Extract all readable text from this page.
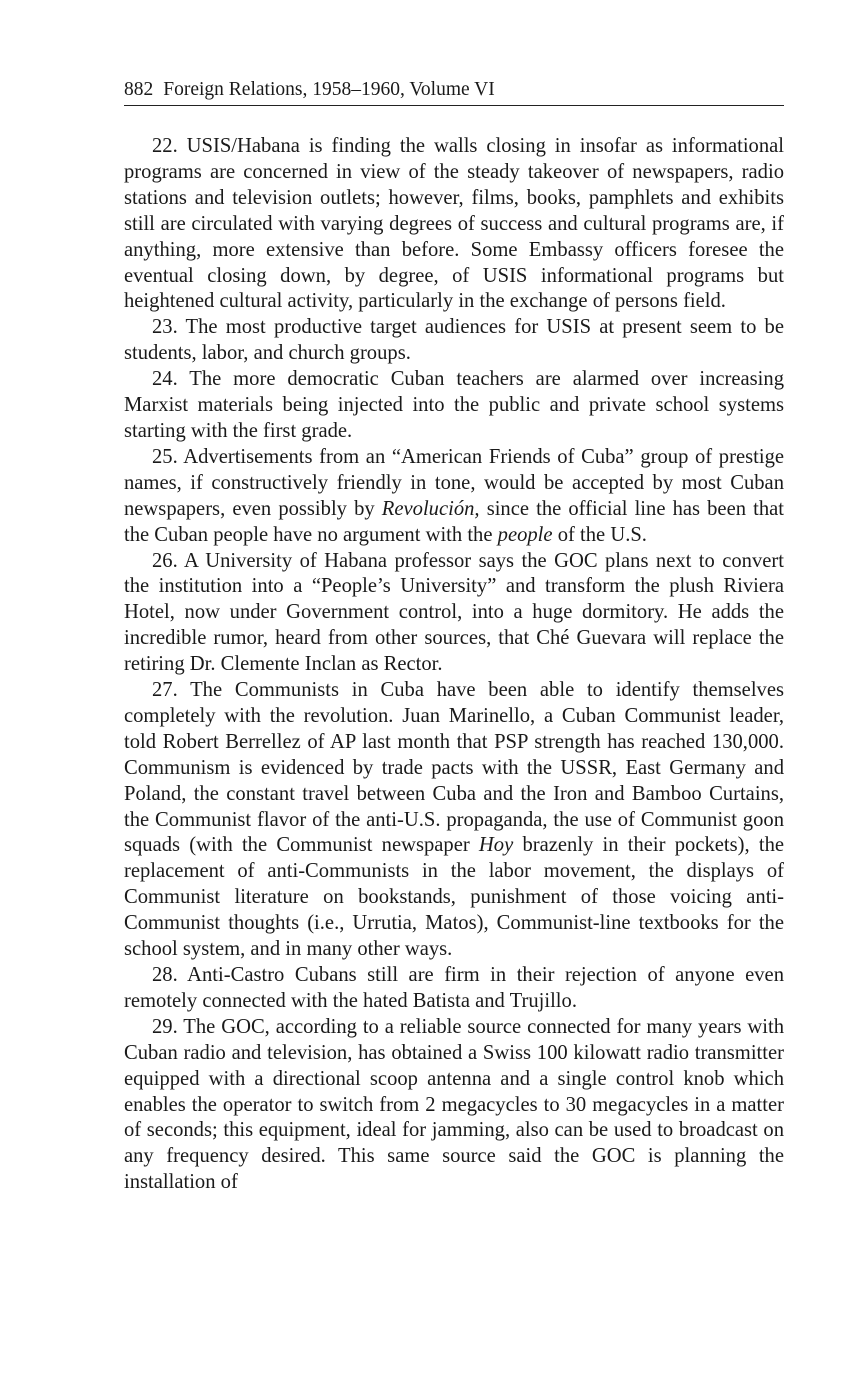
882 Foreign Relations, 1958–1960, Volume VI

22. USIS/Habana is finding the walls closing in insofar as informational programs are concerned in view of the steady takeover of newspapers, radio stations and television outlets; however, films, books, pamphlets and exhibits still are circulated with varying degrees of success and cultural programs are, if anything, more extensive than before. Some Embassy officers foresee the eventual closing down, by degree, of USIS informational programs but heightened cultural activity, particularly in the exchange of persons field.

23. The most productive target audiences for USIS at present seem to be students, labor, and church groups.

24. The more democratic Cuban teachers are alarmed over increasing Marxist materials being injected into the public and private school systems starting with the first grade.

25. Advertisements from an “American Friends of Cuba” group of prestige names, if constructively friendly in tone, would be accepted by most Cuban newspapers, even possibly by Revolución, since the official line has been that the Cuban people have no argument with the people of the U.S.

26. A University of Habana professor says the GOC plans next to convert the institution into a “People’s University” and transform the plush Riviera Hotel, now under Government control, into a huge dormitory. He adds the incredible rumor, heard from other sources, that Ché Guevara will replace the retiring Dr. Clemente Inclan as Rector.

27. The Communists in Cuba have been able to identify themselves completely with the revolution. Juan Marinello, a Cuban Communist leader, told Robert Berrellez of AP last month that PSP strength has reached 130,000. Communism is evidenced by trade pacts with the USSR, East Germany and Poland, the constant travel between Cuba and the Iron and Bamboo Curtains, the Communist flavor of the anti-U.S. propaganda, the use of Communist goon squads (with the Communist newspaper Hoy brazenly in their pockets), the replacement of anti-Communists in the labor movement, the displays of Communist literature on bookstands, punishment of those voicing anti-Communist thoughts (i.e., Urrutia, Matos), Communist-line textbooks for the school system, and in many other ways.

28. Anti-Castro Cubans still are firm in their rejection of anyone even remotely connected with the hated Batista and Trujillo.

29. The GOC, according to a reliable source connected for many years with Cuban radio and television, has obtained a Swiss 100 kilowatt radio transmitter equipped with a directional scoop antenna and a single control knob which enables the operator to switch from 2 megacycles to 30 megacycles in a matter of seconds; this equipment, ideal for jamming, also can be used to broadcast on any frequency desired. This same source said the GOC is planning the installation of
